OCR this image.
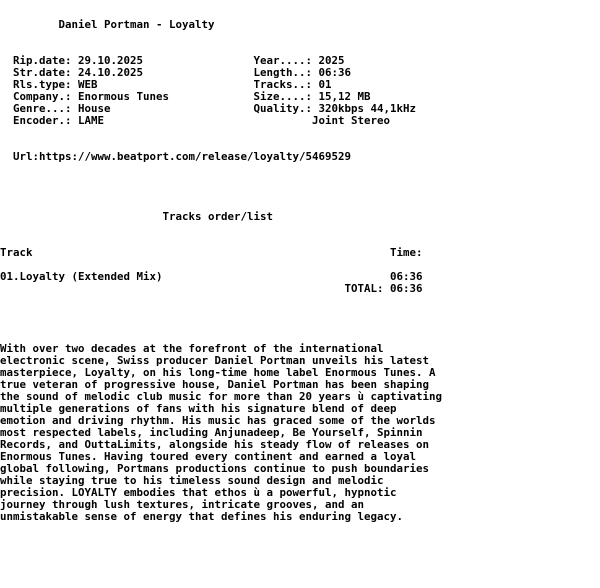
Daniel Portman - Loyalty
Rip.date: 29.10.2025                 Year....: 2025
Str.date: 24.10.2025                 Length..: 06:36
Rls.type: WEB                        Tracks..: 01
Company.: Enormous Tunes             Size....: 15,12 MB
Genre...: House                      Quality.: 320kbps 44,1kHz
Encoder.: LAME                                Joint Stereo
Url:https://www.beatport.com/release/loyalty/5469529
Tracks order/list
Track                                                       Time:
01.Loyalty (Extended Mix)                                   06:36
TOTAL: 06:36
With over two decades at the forefront of the international
electronic scene, Swiss producer Daniel Portman unveils his latest
masterpiece, Loyalty, on his long-time home label Enormous Tunes. A
true veteran of progressive house, Daniel Portman has been shaping
the sound of melodic club music for more than 20 years ù captivating
multiple generations of fans with his signature blend of deep
emotion and driving rhythm. His music has graced some of the worlds
most respected labels, including Anjunadeep, Be Yourself, Spinnin
Records, and OuttaLimits, alongside his steady flow of releases on
Enormous Tunes. Having toured every continent and earned a loyal
global following, Portmans productions continue to push boundaries
while staying true to his timeless sound design and melodic
precision. LOYALTY embodies that ethos ù a powerful, hypnotic
journey through lush textures, intricate grooves, and an
unmistakable sense of energy that defines his enduring legacy.
